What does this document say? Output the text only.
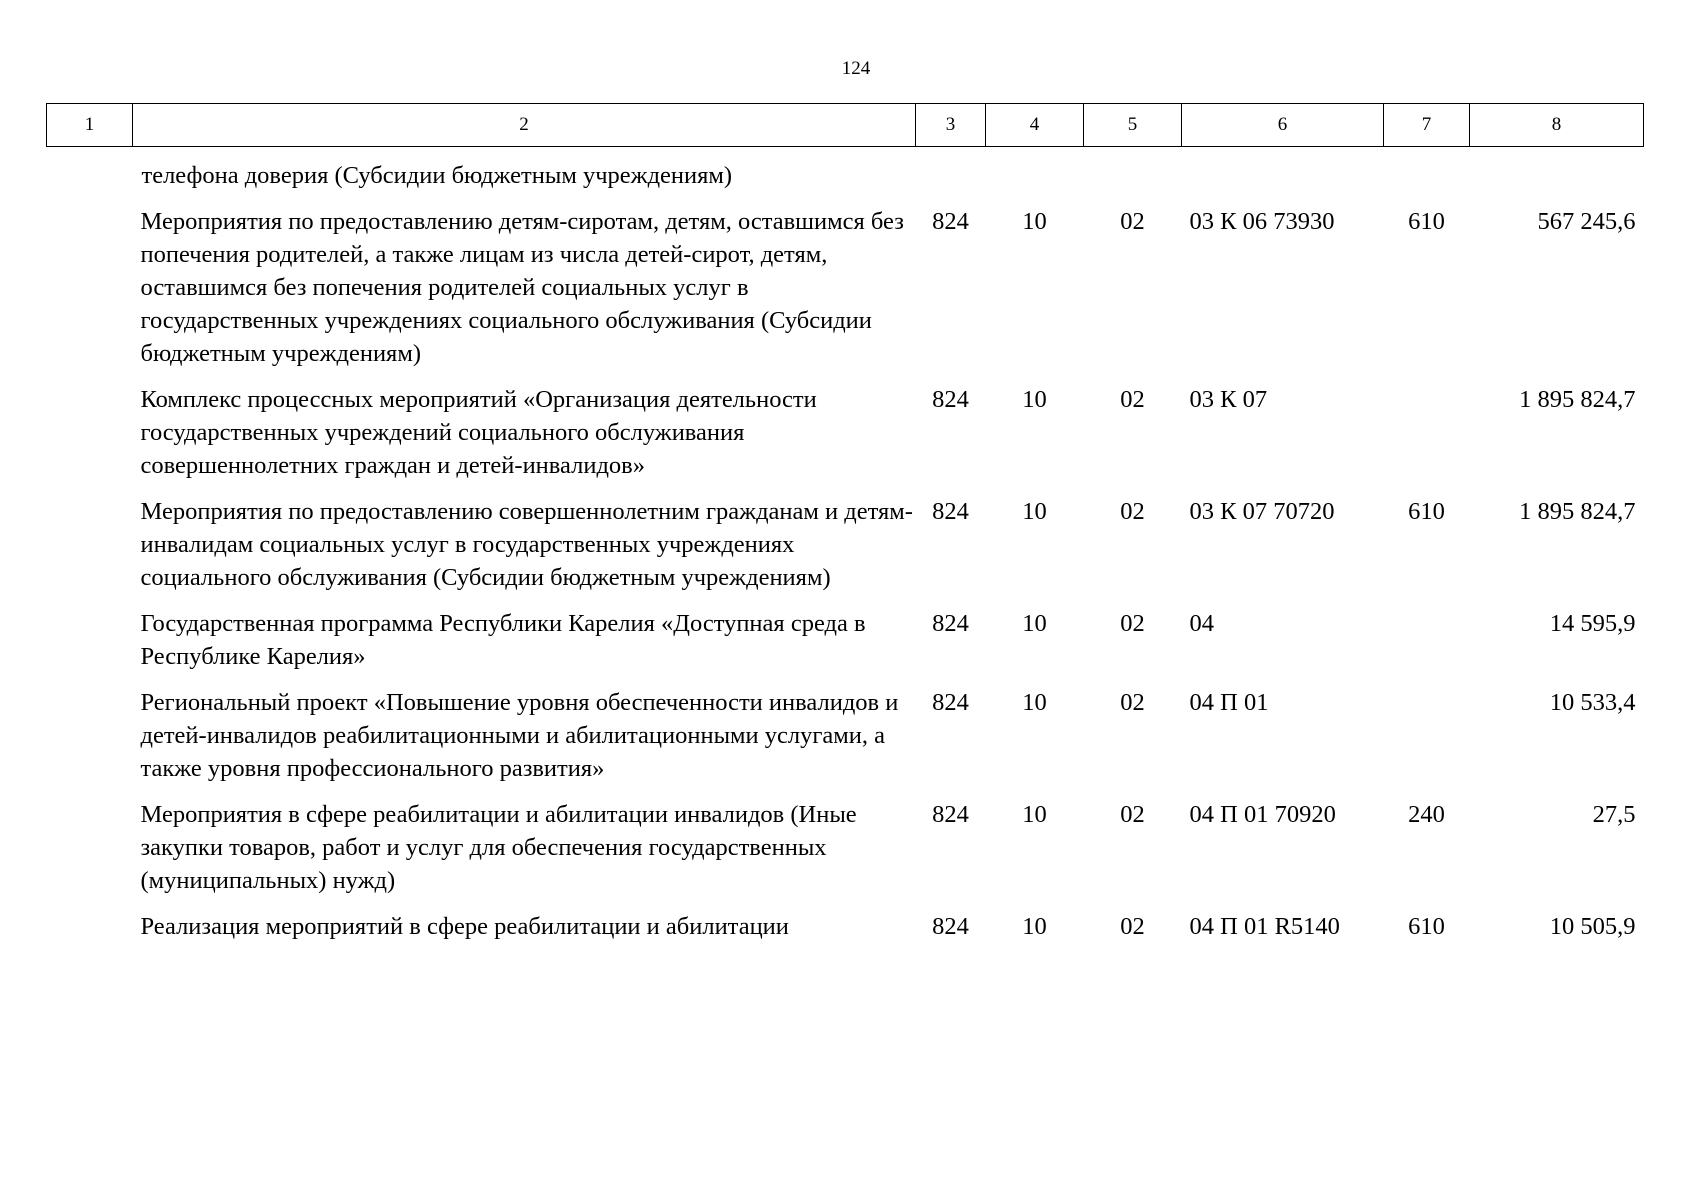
124
1	2	3	4	5	6	7	8
телефона доверия (Субсидии бюджетным учреждениям)							
	Мероприятия по предоставлению детям-сиротам, детям, оставшимся без попечения родителей, а также лицам из числа детей-сирот, детям, оставшимся без попечения родителей социальных услуг в государственных учреждениях социального обслуживания (Субсидии бюджетным учреждениям)	824	10	02	03 К 06 73930	610	567 245,6
	Комплекс процессных мероприятий «Организация деятельности государственных учреждений социального обслуживания совершеннолетних граждан и детей-инвалидов»	824	10	02	03 К 07		1 895 824,7
	Мероприятия по предоставлению совершеннолетним гражданам и детям-инвалидам социальных услуг в государственных учреждениях социального обслуживания (Субсидии бюджетным учреждениям)	824	10	02	03 К 07 70720	610	1 895 824,7
	Государственная программа Республики Карелия «Доступная среда в Республике Карелия»	824	10	02	04		14 595,9
	Региональный проект «Повышение уровня обеспеченности инвалидов и детей-инвалидов реабилитационными и абилитационными услугами, а также уровня профессионального развития»	824	10	02	04 П 01		10 533,4
	Мероприятия в сфере реабилитации и абилитации инвалидов (Иные закупки товаров, работ и услуг для обеспечения государственных (муниципальных) нужд)	824	10	02	04 П 01 70920	240	27,5
	Реализация мероприятий в сфере реабилитации и абилитации	824	10	02	04 П 01 R5140	610	10 505,9
